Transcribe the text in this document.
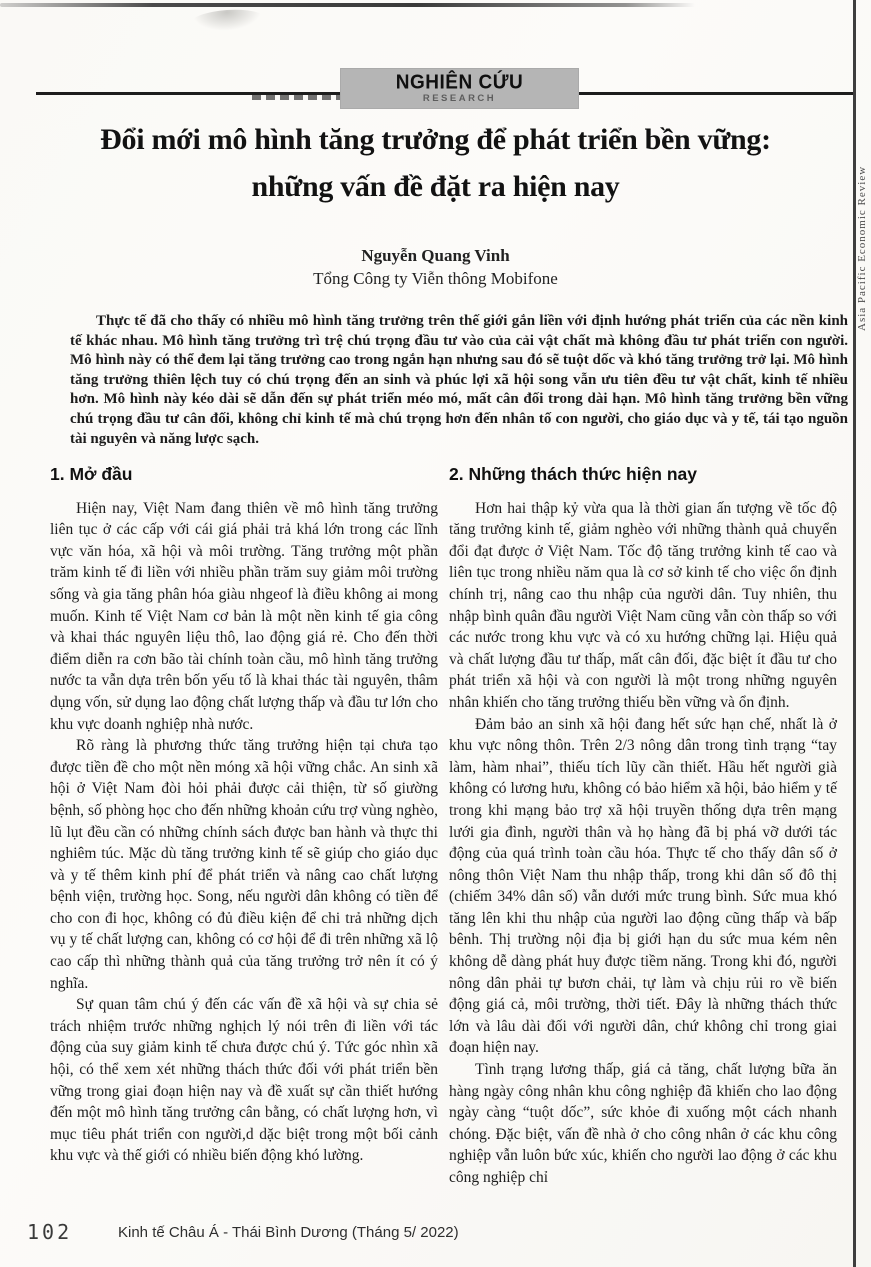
Asia Pacific Economic Review
NGHIÊN CỨU
RESEARCH
Đổi mới mô hình tăng trưởng để phát triển bền vững:
những vấn đề đặt ra hiện nay
Nguyễn Quang Vinh
Tổng Công ty Viễn thông Mobifone
Thực tế đã cho thấy có nhiều mô hình tăng trưởng trên thế giới gắn liền với định hướng phát triển của các nền kinh tế khác nhau. Mô hình tăng trưởng trì trệ chú trọng đầu tư vào của cải vật chất mà không đầu tư phát triển con người. Mô hình này có thể đem lại tăng trưởng cao trong ngắn hạn nhưng sau đó sẽ tuột dốc và khó tăng trưởng trở lại. Mô hình tăng trưởng thiên lệch tuy có chú trọng đến an sinh và phúc lợi xã hội song vẫn ưu tiên đều tư vật chất, kinh tế nhiều hơn. Mô hình này kéo dài sẽ dẫn đến sự phát triển méo mó, mất cân đối trong dài hạn. Mô hình tăng trưởng bền vững chú trọng đầu tư cân đối, không chỉ kinh tế mà chú trọng hơn đến nhân tố con người, cho giáo dục và y tế, tái tạo nguồn tài nguyên và năng lược sạch.
1. Mở đầu

Hiện nay, Việt Nam đang thiên về mô hình tăng trưởng liên tục ở các cấp với cái giá phải trả khá lớn trong các lĩnh vực văn hóa, xã hội và môi trường. Tăng trưởng một phần trăm kinh tế đi liền với nhiều phần trăm suy giảm môi trường sống và gia tăng phân hóa giàu nhgeof là điều không ai mong muốn. Kinh tế Việt Nam cơ bản là một nền kinh tế gia công và khai thác nguyên liệu thô, lao động giá rẻ. Cho đến thời điểm diễn ra cơn bão tài chính toàn cầu, mô hình tăng trưởng nước ta vẫn dựa trên bốn yếu tố là khai thác tài nguyên, thâm dụng vốn, sử dụng lao động chất lượng thấp và đầu tư lớn cho khu vực doanh nghiệp nhà nước.

Rõ ràng là phương thức tăng trưởng hiện tại chưa tạo được tiền đề cho một nền móng xã hội vững chắc. An sinh xã hội ở Việt Nam đòi hỏi phải được cải thiện, từ số giường bệnh, số phòng học cho đến những khoản cứu trợ vùng nghèo, lũ lụt đều cần có những chính sách được ban hành và thực thi nghiêm túc. Mặc dù tăng trưởng kinh tế sẽ giúp cho giáo dục và y tế thêm kinh phí để phát triển và nâng cao chất lượng bệnh viện, trường học. Song, nếu người dân không có tiền để cho con đi học, không có đủ điều kiện để chi trả những dịch vụ y tế chất lượng can, không có cơ hội để đi trên những xã lộ cao cấp thì những thành quả của tăng trưởng trở nên ít có ý nghĩa.

Sự quan tâm chú ý đến các vấn đề xã hội và sự chia sẻ trách nhiệm trước những nghịch lý nói trên đi liền với tác động của suy giảm kinh tế chưa được chú ý. Tức góc nhìn xã hội, có thể xem xét những thách thức đối với phát triển bền vững trong giai đoạn hiện nay và đề xuất sự cần thiết hướng đến một mô hình tăng trưởng cân bằng, có chất lượng hơn, vì mục tiêu phát triển con người,d dặc biệt trong một bối cảnh khu vực và thế giới có nhiều biến động khó lường.

2. Những thách thức hiện nay

Hơn hai thập kỷ vừa qua là thời gian ấn tượng về tốc độ tăng trưởng kinh tế, giảm nghèo với những thành quả chuyển đổi đạt được ở Việt Nam. Tốc độ tăng trưởng kinh tế cao và liên tục trong nhiều năm qua là cơ sở kinh tế cho việc ổn định chính trị, nâng cao thu nhập của người dân. Tuy nhiên, thu nhập bình quân đầu người Việt Nam cũng vẫn còn thấp so với các nước trong khu vực và có xu hướng chững lại. Hiệu quả và chất lượng đầu tư thấp, mất cân đối, đặc biệt ít đầu tư cho phát triển xã hội và con người là một trong những nguyên nhân khiến cho tăng trưởng thiếu bền vững và ổn định.

Đảm bảo an sinh xã hội đang hết sức hạn chế, nhất là ở khu vực nông thôn. Trên 2/3 nông dân trong tình trạng “tay làm, hàm nhai”, thiếu tích lũy cần thiết. Hầu hết người già không có lương hưu, không có bảo hiểm xã hội, bảo hiểm y tế trong khi mạng bảo trợ xã hội truyền thống dựa trên mạng lưới gia đình, người thân và họ hàng đã bị phá vỡ dưới tác động của quá trình toàn cầu hóa. Thực tế cho thấy dân số ở nông thôn Việt Nam thu nhập thấp, trong khi dân số đô thị (chiếm 34% dân số) vẫn dưới mức trung bình. Sức mua khó tăng lên khi thu nhập của người lao động cũng thấp và bấp bênh. Thị trường nội địa bị giới hạn du sức mua kém nên không dễ dàng phát huy được tiềm năng. Trong khi đó, người nông dân phải tự bươn chải, tự làm và chịu rủi ro về biến động giá cả, môi trường, thời tiết. Đây là những thách thức lớn và lâu dài đối với người dân, chứ không chỉ trong giai đoạn hiện nay.

Tình trạng lương thấp, giá cả tăng, chất lượng bữa ăn hàng ngày công nhân khu công nghiệp đã khiến cho lao động ngày càng “tuột dốc”, sức khỏe đi xuống một cách nhanh chóng. Đặc biệt, vấn đề nhà ở cho công nhân ở các khu công nghiệp vẫn luôn bức xúc, khiến cho người lao động ở các khu công nghiệp chỉ

102	Kinh tế Châu Á - Thái Bình Dương (Tháng 5/ 2022)
